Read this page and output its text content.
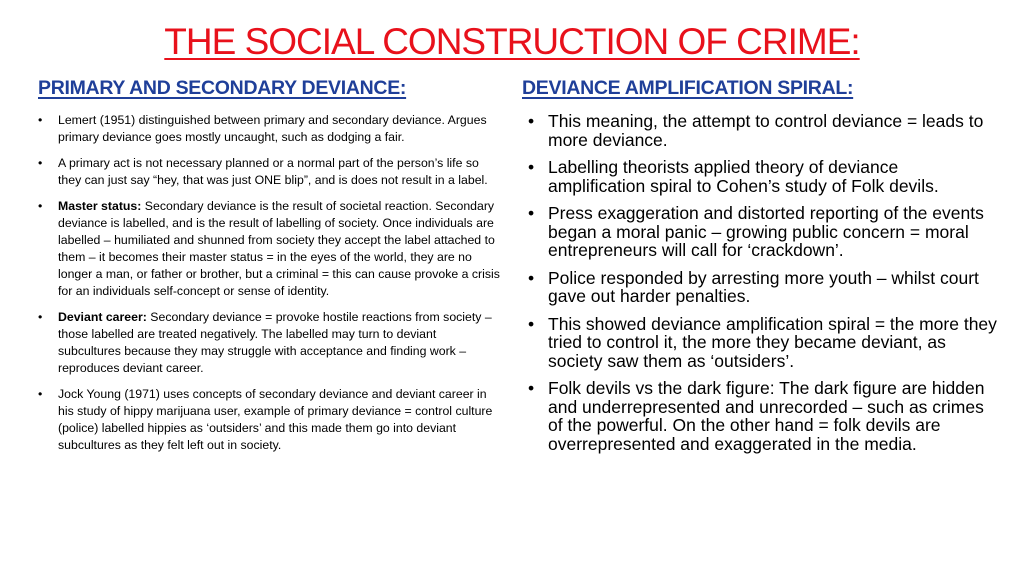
THE SOCIAL CONSTRUCTION OF CRIME:
PRIMARY AND SECONDARY DEVIANCE:	DEVIANCE AMPLIFICATION SPIRAL:
• Lemert (1951) distinguished between primary and secondary deviance. Argues primary deviance goes mostly uncaught, such as dodging a fair.
• A primary act is not necessary planned or a normal part of the person’s life so they can just say “hey, that was just ONE blip”, and is does not result in a label.
• Master status: Secondary deviance is the result of societal reaction. Secondary deviance is labelled, and is the result of labelling of society. Once individuals are labelled – humiliated and shunned from society they accept the label attached to them – it becomes their master status = in the eyes of the world, they are no longer a man, or father or brother, but a criminal = this can cause provoke a crisis for an individuals self-concept or sense of identity.
• Deviant career: Secondary deviance = provoke hostile reactions from society – those labelled are treated negatively. The labelled may turn to deviant subcultures because they may struggle with acceptance and finding work – reproduces deviant career.
• Jock Young (1971) uses concepts of secondary deviance and deviant career in his study of hippy marijuana user, example of primary deviance = control culture (police) labelled hippies as ‘outsiders’ and this made them go into deviant subcultures as they felt left out in society.
• This meaning, the attempt to control deviance = leads to more deviance.
• Labelling theorists applied theory of deviance amplification spiral to Cohen’s study of Folk devils.
• Press exaggeration and distorted reporting of the events began a moral panic – growing public concern = moral entrepreneurs will call for ‘crackdown’.
• Police responded by arresting more youth – whilst court gave out harder penalties.
• This showed deviance amplification spiral = the more they tried to control it, the more they became deviant, as society saw them as ‘outsiders’.
• Folk devils vs the dark figure: The dark figure are hidden and underrepresented and unrecorded – such as crimes of the powerful. On the other hand = folk devils are overrepresented and exaggerated in the media.
